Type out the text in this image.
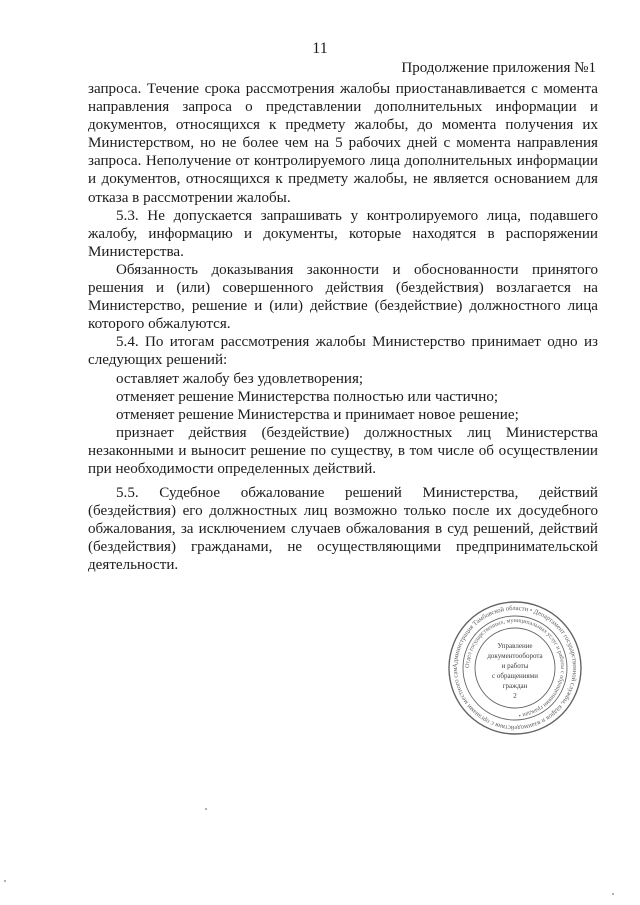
11
Продолжение приложения №1

запроса. Течение срока рассмотрения жалобы приостанавливается с момента направления запроса о представлении дополнительных информации и документов, относящихся к предмету жалобы, до момента получения их Министерством, но не более чем на 5 рабочих дней с момента направления запроса. Неполучение от контролируемого лица дополнительных информации и документов, относящихся к предмету жалобы, не является основанием для отказа в рассмотрении жалобы.

5.3. Не допускается запрашивать у контролируемого лица, подавшего жалобу, информацию и документы, которые находятся в распоряжении Министерства.

Обязанность доказывания законности и обоснованности принятого решения и (или) совершенного действия (бездействия) возлагается на Министерство, решение и (или) действие (бездействие) должностного лица которого обжалуются.

5.4. По итогам рассмотрения жалобы Министерство принимает одно из следующих решений:

оставляет жалобу без удовлетворения;

отменяет решение Министерства полностью или частично;

отменяет решение Министерства и принимает новое решение;

признает действия (бездействие) должностных лиц Министерства незаконными и выносит решение по существу, в том числе об осуществлении при необходимости определенных действий.

5.5. Судебное обжалование решений Министерства, действий (бездействия) его должностных лиц возможно только после их досудебного обжалования, за исключением случаев обжалования в суд решений, действий (бездействия) гражданами, не осуществляющими предпринимательской деятельности.

Администрация Тамбовской области • Департамент государственной службы, кадров и взаимодействия с органами местного сам
Отдел государственных, муниципальных услуг и работы с обращениями граждан •
Управление
документооборота
и работы
с обращениями
граждан
2
